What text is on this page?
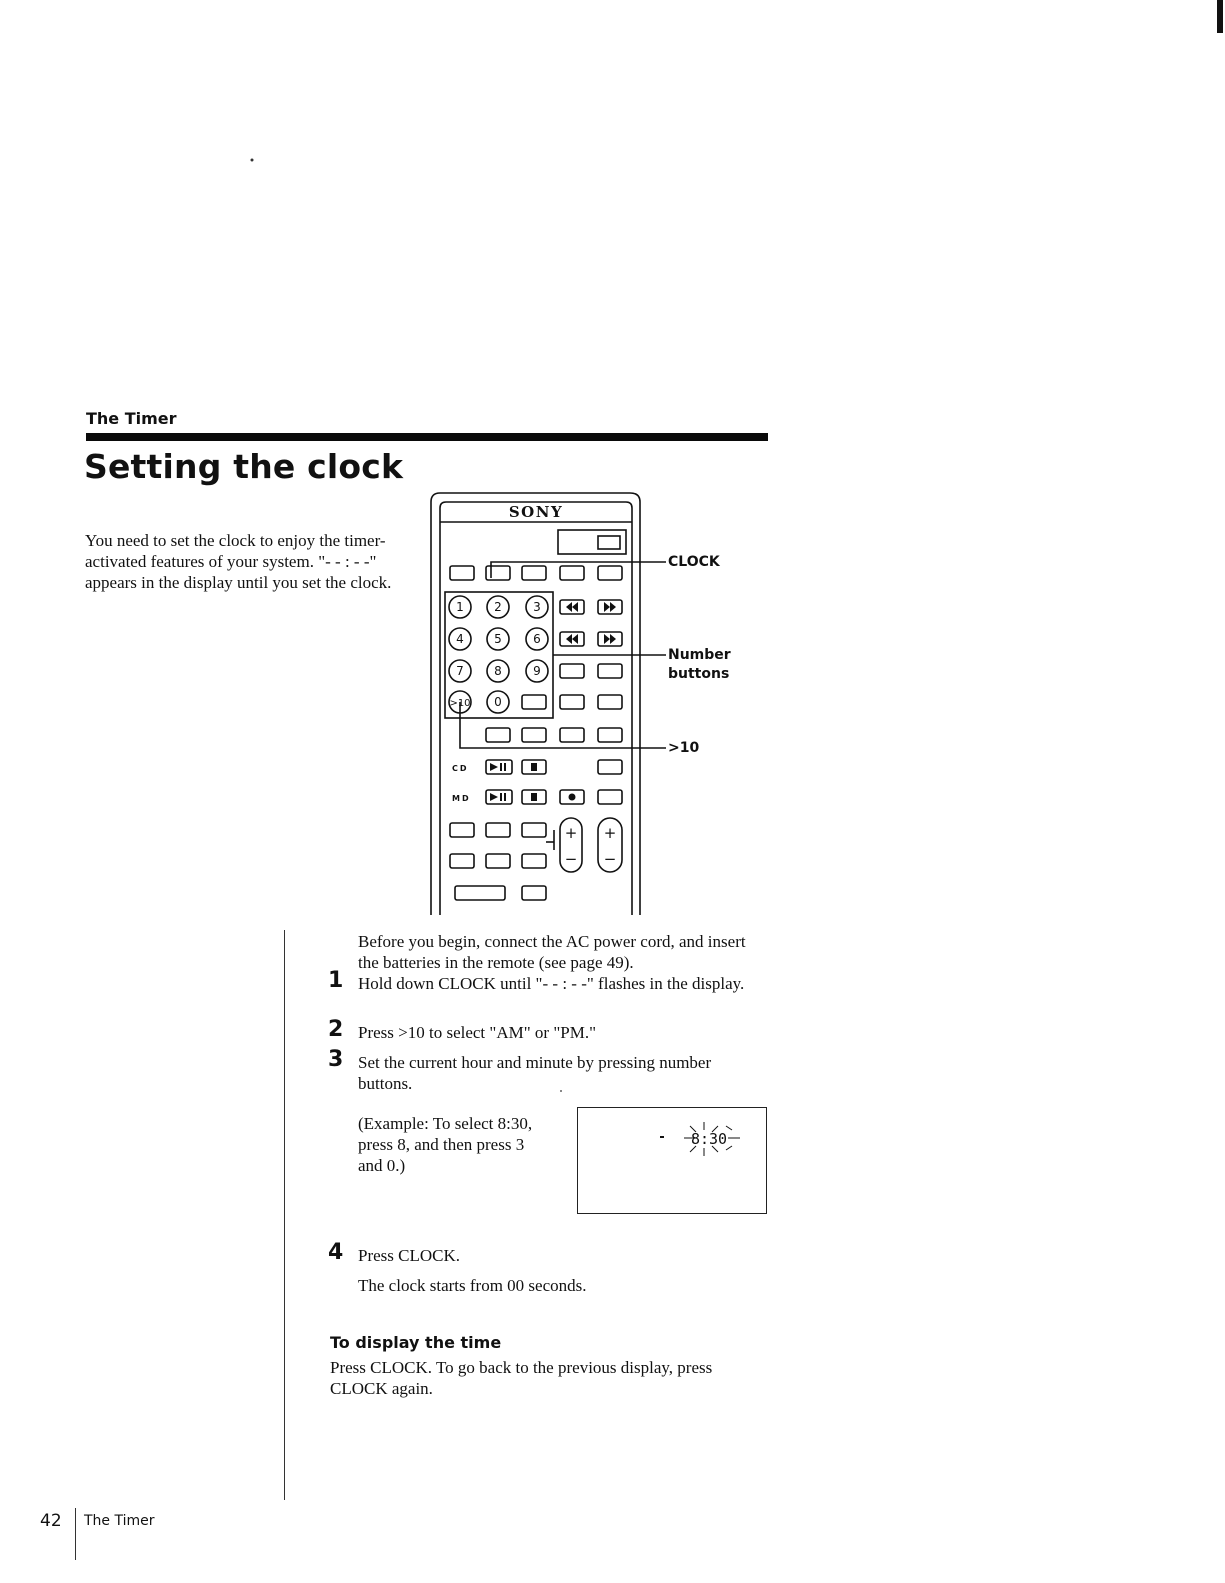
The Timer
Setting the clock
You need to set the clock to enjoy the timer-activated features of your system. "- - : - -" appears in the display until you set the clock.
1	2	3
4	5	6
7	8	9
>10 0
+ +
− −
SONY
CD
MD
CLOCK
Number
buttons
>10
Before you begin, connect the AC power cord, and insert the batteries in the remote (see page 49).
1 Hold down CLOCK until "- - : - -" flashes in the display.
2 Press >10 to select "AM" or "PM."
3 Set the current hour and minute by pressing number buttons.
(Example: To select 8:30, press 8, and then press 3 and 0.)
8:30
4 Press CLOCK.
The clock starts from 00 seconds.
To display the time
Press CLOCK. To go back to the previous display, press CLOCK again.
42 The Timer
